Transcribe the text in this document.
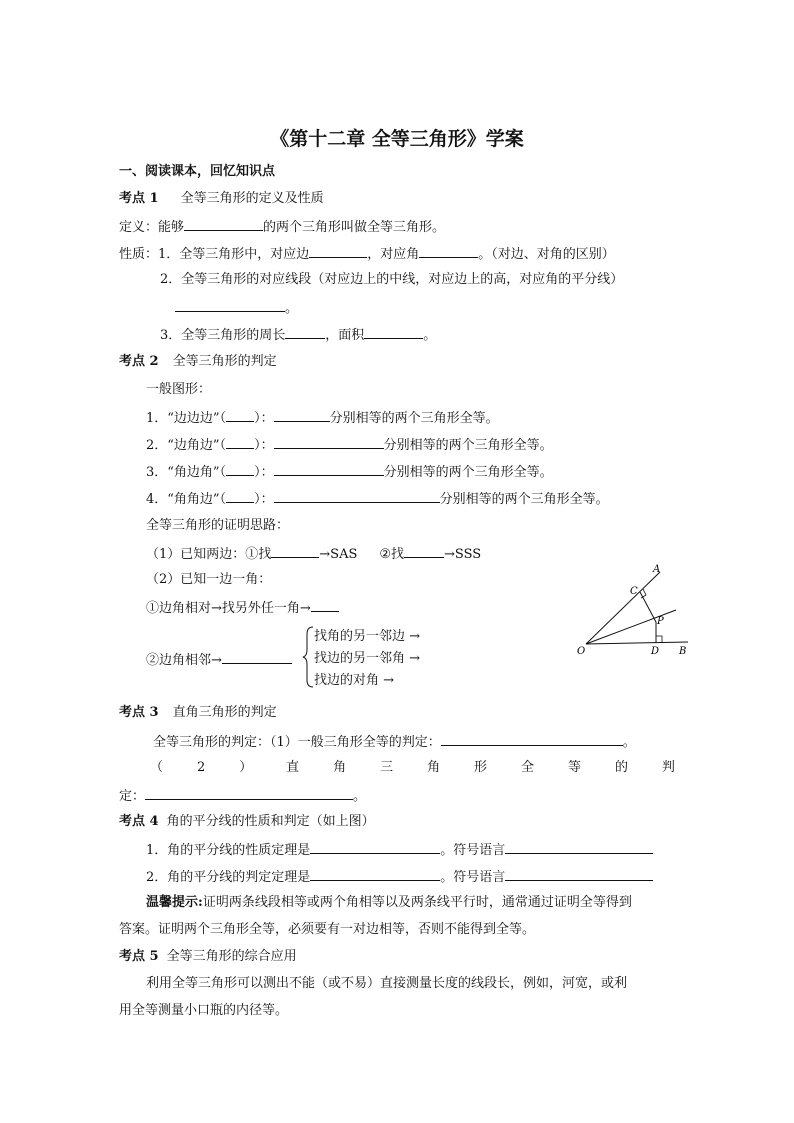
《第十二章 全等三角形》学案
一、阅读课本，回忆知识点
考点 1 全等三角形的定义及性质
定义：能够	的两个三角形叫做全等三角形。
性质：1．全等三角形中，对应边	，对应角	。（对边、对角的区别）
2．全等三角形的对应线段（对应边上的中线，对应边上的高，对应角的平分线）
。
3．全等三角形的周长	，面积	。
考点 2 全等三角形的判定
一般图形：
1．“边边边”（ ）：	分别相等的两个三角形全等。
2．“边角边”（ ）：	分别相等的两个三角形全等。
3．“角边角”（ ）：	分别相等的两个三角形全等。
4．“角角边”（ ）：	分别相等的两个三角形全等。
全等三角形的证明思路：
（1）已知两边：①找	→SAS ②找	→SSS
（2）已知一边一角：
①边角相对→找另外任一角→
②边角相邻→
找角的另一邻边 →
找边的另一邻角 →
找边的对角 →
A
C
P
O	D B
考点 3 直角三角形的判定
全等三角形的判定：（1）一般三角形全等的判定：	。
（	2	）	直	角	三	角	形	全	等	的	判
定：	。
考点 4 角的平分线的性质和判定（如上图）
1．角的平分线的性质定理是	。符号语言
2．角的平分线的判定定理是	。符号语言
温馨提示:证明两条线段相等或两个角相等以及两条线平行时，通常通过证明全等得到
答案。证明两个三角形全等，必须要有一对边相等，否则不能得到全等。
考点 5 全等三角形的综合应用
利用全等三角形可以测出不能（或不易）直接测量长度的线段长，例如，河宽，或利
用全等测量小口瓶的内径等。
